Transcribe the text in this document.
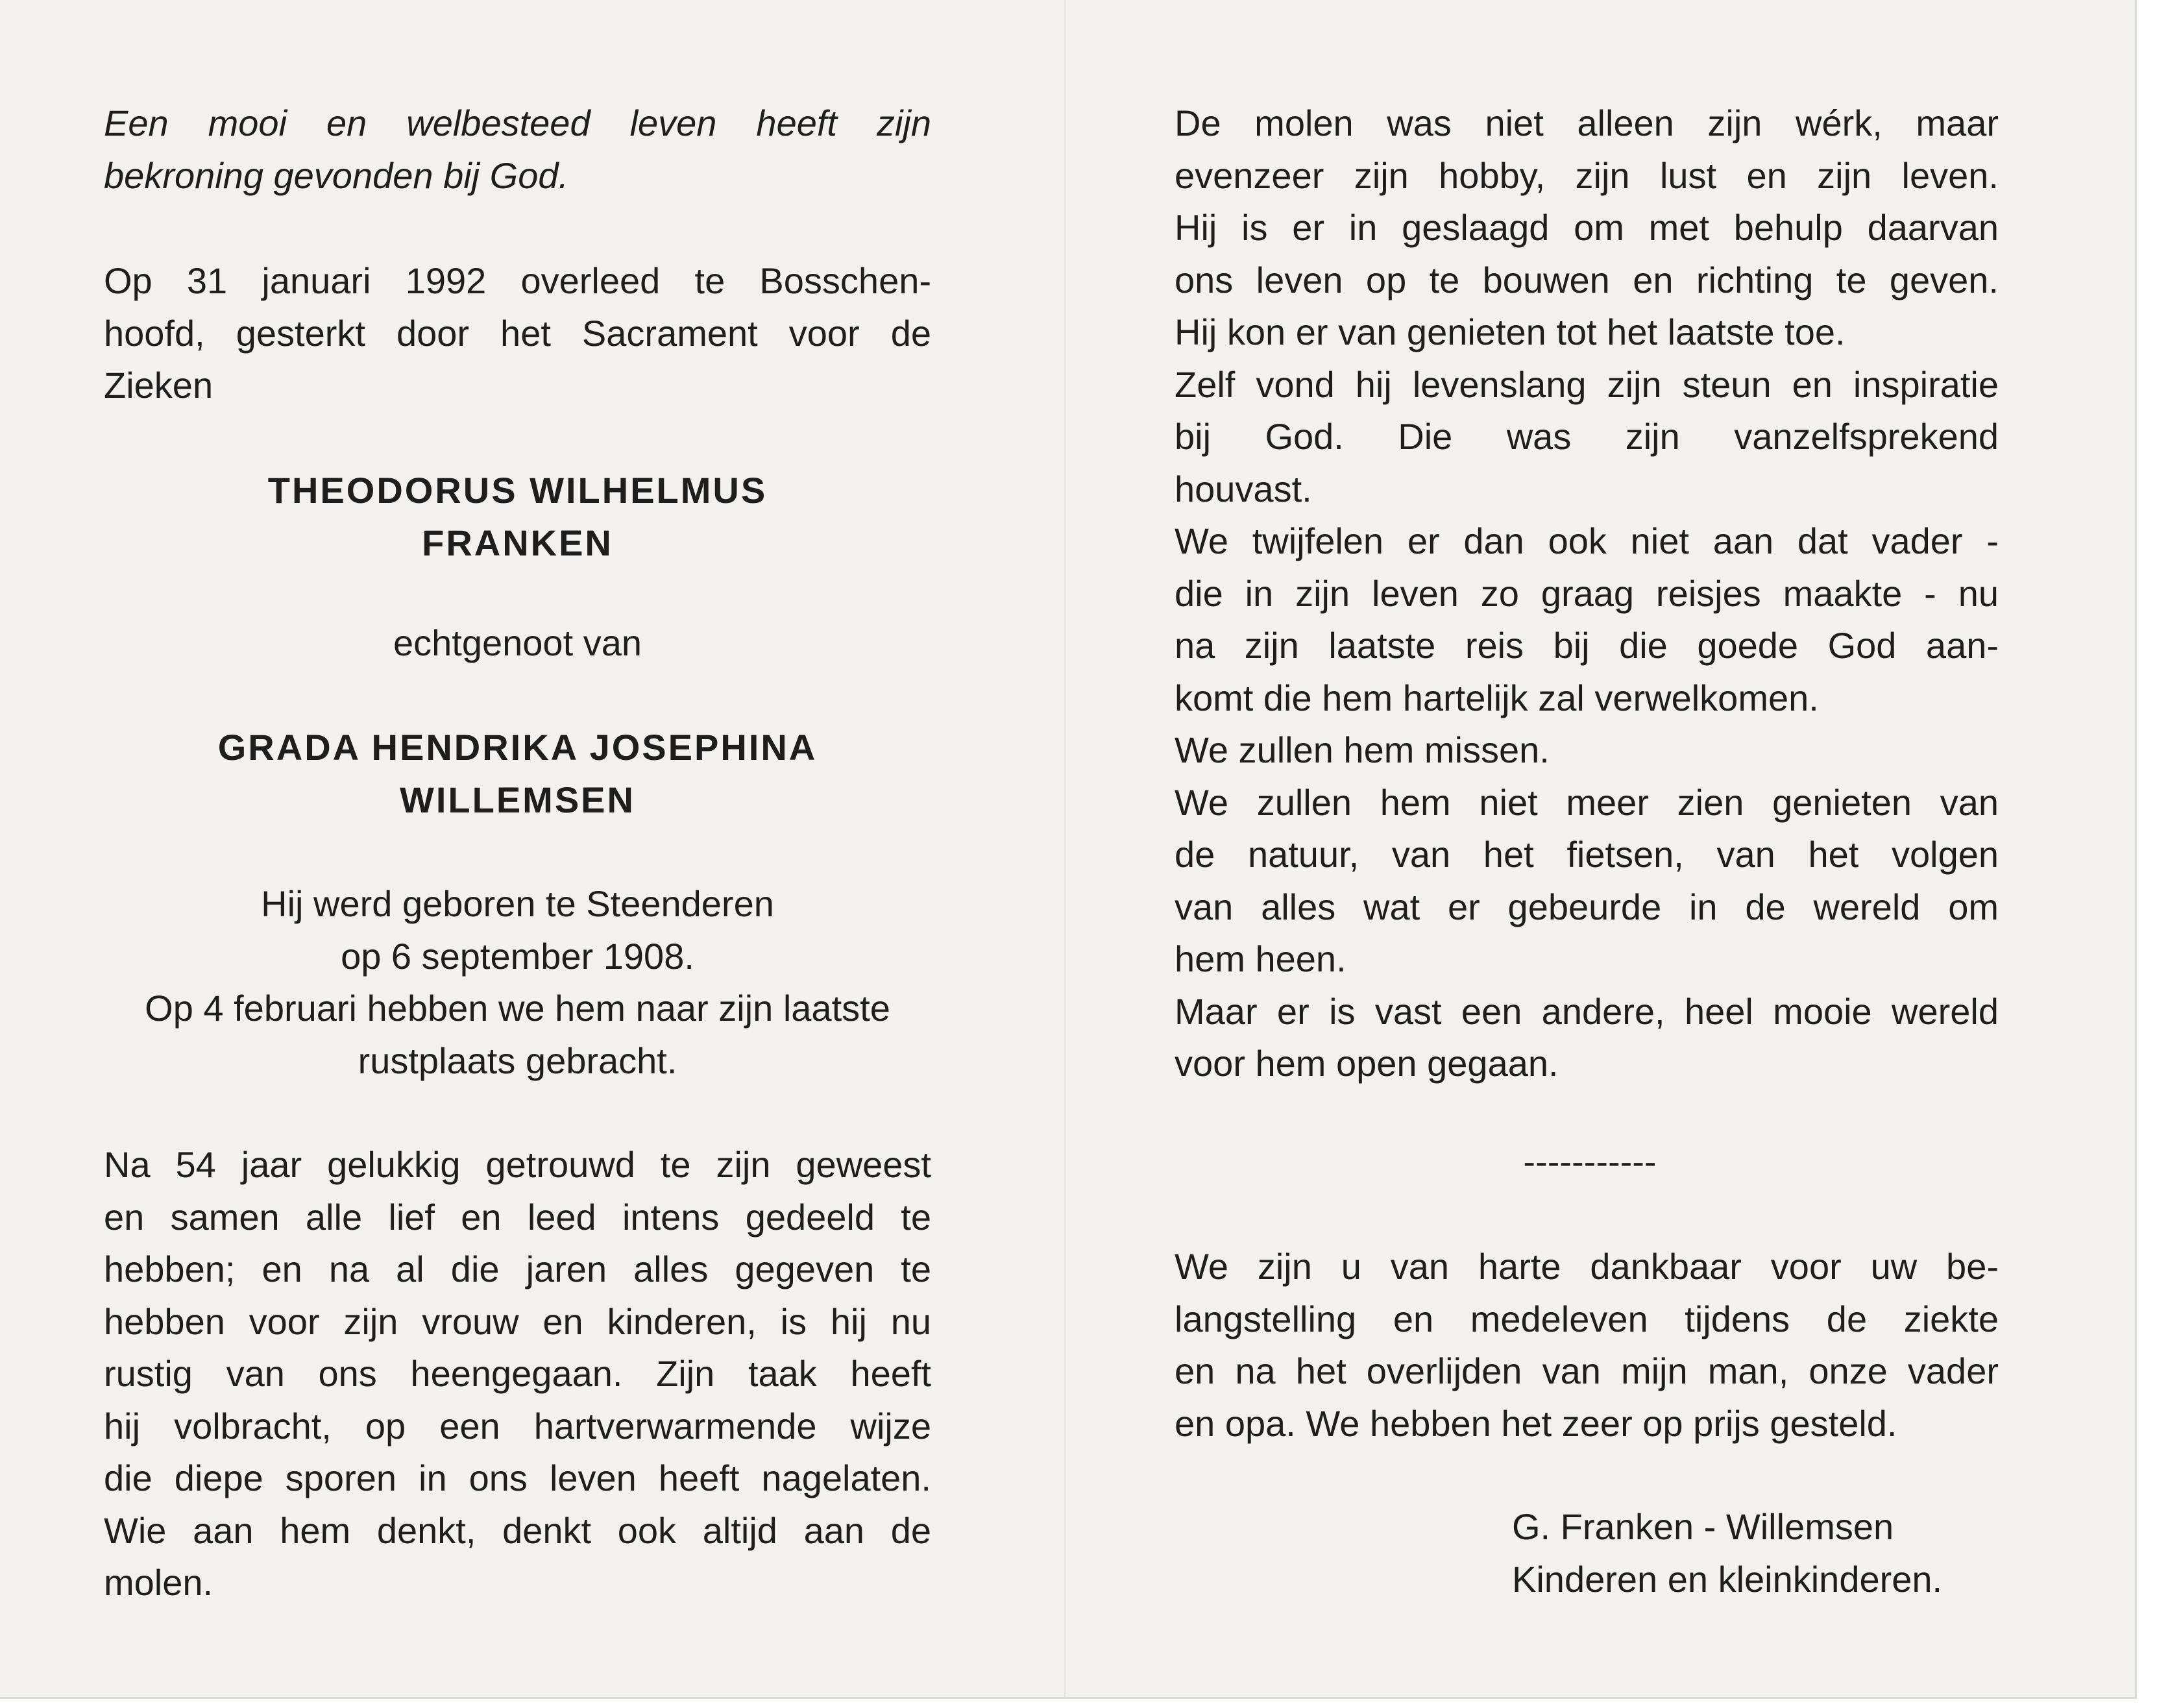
Een mooi en welbesteed leven heeft zijn
bekroning gevonden bij God.

Op 31 januari 1992 overleed te Bosschen-
hoofd, gesterkt door het Sacrament voor de
Zieken

THEODORUS WILHELMUS
FRANKEN

echtgenoot van

GRADA HENDRIKA JOSEPHINA
WILLEMSEN

Hij werd geboren te Steenderen
op 6 september 1908.
Op 4 februari hebben we hem naar zijn laatste
rustplaats gebracht.

Na 54 jaar gelukkig getrouwd te zijn geweest
en samen alle lief en leed intens gedeeld te
hebben; en na al die jaren alles gegeven te
hebben voor zijn vrouw en kinderen, is hij nu
rustig van ons heengegaan. Zijn taak heeft
hij volbracht, op een hartverwarmende wijze
die diepe sporen in ons leven heeft nagelaten.
Wie aan hem denkt, denkt ook altijd aan de
molen.

De molen was niet alleen zijn wérk, maar
evenzeer zijn hobby, zijn lust en zijn leven.
Hij is er in geslaagd om met behulp daarvan
ons leven op te bouwen en richting te geven.
Hij kon er van genieten tot het laatste toe.
Zelf vond hij levenslang zijn steun en inspiratie
bij God. Die was zijn vanzelfsprekend
houvast.
We twijfelen er dan ook niet aan dat vader -
die in zijn leven zo graag reisjes maakte - nu
na zijn laatste reis bij die goede God aan-
komt die hem hartelijk zal verwelkomen.
We zullen hem missen.
We zullen hem niet meer zien genieten van
de natuur, van het fietsen, van het volgen
van alles wat er gebeurde in de wereld om
hem heen.
Maar er is vast een andere, heel mooie wereld
voor hem open gegaan.

-----------

We zijn u van harte dankbaar voor uw be-
langstelling en medeleven tijdens de ziekte
en na het overlijden van mijn man, onze vader
en opa. We hebben het zeer op prijs gesteld.

G. Franken - Willemsen
Kinderen en kleinkinderen.
